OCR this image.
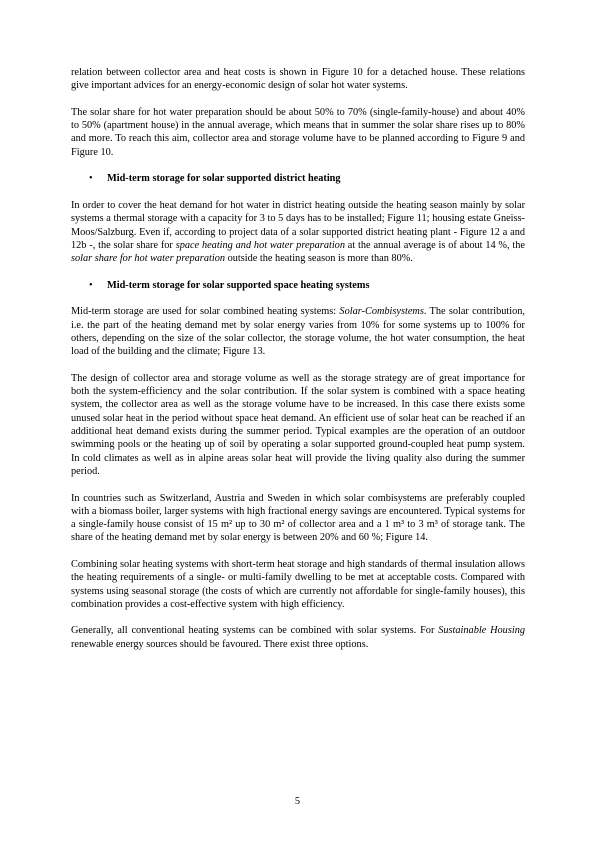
relation between collector area and heat costs is shown in Figure 10 for a detached house. These relations give important advices for an energy-economic design of solar hot water systems.

The solar share for hot water preparation should be about 50% to 70% (single-family-house) and about 40% to 50% (apartment house) in the annual average, which means that in summer the solar share rises up to 80% and more. To reach this aim, collector area and storage volume have to be planned according to Figure 9 and Figure 10.

• Mid-term storage for solar supported district heating

In order to cover the heat demand for hot water in district heating outside the heating season mainly by solar systems a thermal storage with a capacity for 3 to 5 days has to be installed; Figure 11; housing estate Gneiss-Moos/Salzburg. Even if, according to project data of a solar supported district heating plant - Figure 12 a and 12b -, the solar share for space heating and hot water preparation at the annual average is of about 14 %, the solar share for hot water preparation outside the heating season is more than 80%.

• Mid-term storage for solar supported space heating systems

Mid-term storage are used for solar combined heating systems: Solar-Combisystems. The solar contribution, i.e. the part of the heating demand met by solar energy varies from 10% for some systems up to 100% for others, depending on the size of the solar collector, the storage volume, the hot water consumption, the heat load of the building and the climate; Figure 13.

The design of collector area and storage volume as well as the storage strategy are of great importance for both the system-efficiency and the solar contribution. If the solar system is combined with a space heating system, the collector area as well as the storage volume have to be increased. In this case there exists some unused solar heat in the period without space heat demand. An efficient use of solar heat can be reached if an additional heat demand exists during the summer period. Typical examples are the operation of an outdoor swimming pools or the heating up of soil by operating a solar supported ground-coupled heat pump system. In cold climates as well as in alpine areas solar heat will provide the living quality also during the summer period.

In countries such as Switzerland, Austria and Sweden in which solar combisystems are preferably coupled with a biomass boiler, larger systems with high fractional energy savings are encountered. Typical systems for a single-family house consist of 15 m² up to 30 m² of collector area and a 1 m³ to 3 m³ of storage tank. The share of the heating demand met by solar energy is between 20% and 60 %; Figure 14.

Combining solar heating systems with short-term heat storage and high standards of thermal insulation allows the heating requirements of a single- or multi-family dwelling to be met at acceptable costs. Compared with systems using seasonal storage (the costs of which are currently not affordable for single-family houses), this combination provides a cost-effective system with high efficiency.

Generally, all conventional heating systems can be combined with solar systems. For Sustainable Housing renewable energy sources should be favoured. There exist three options.

5
